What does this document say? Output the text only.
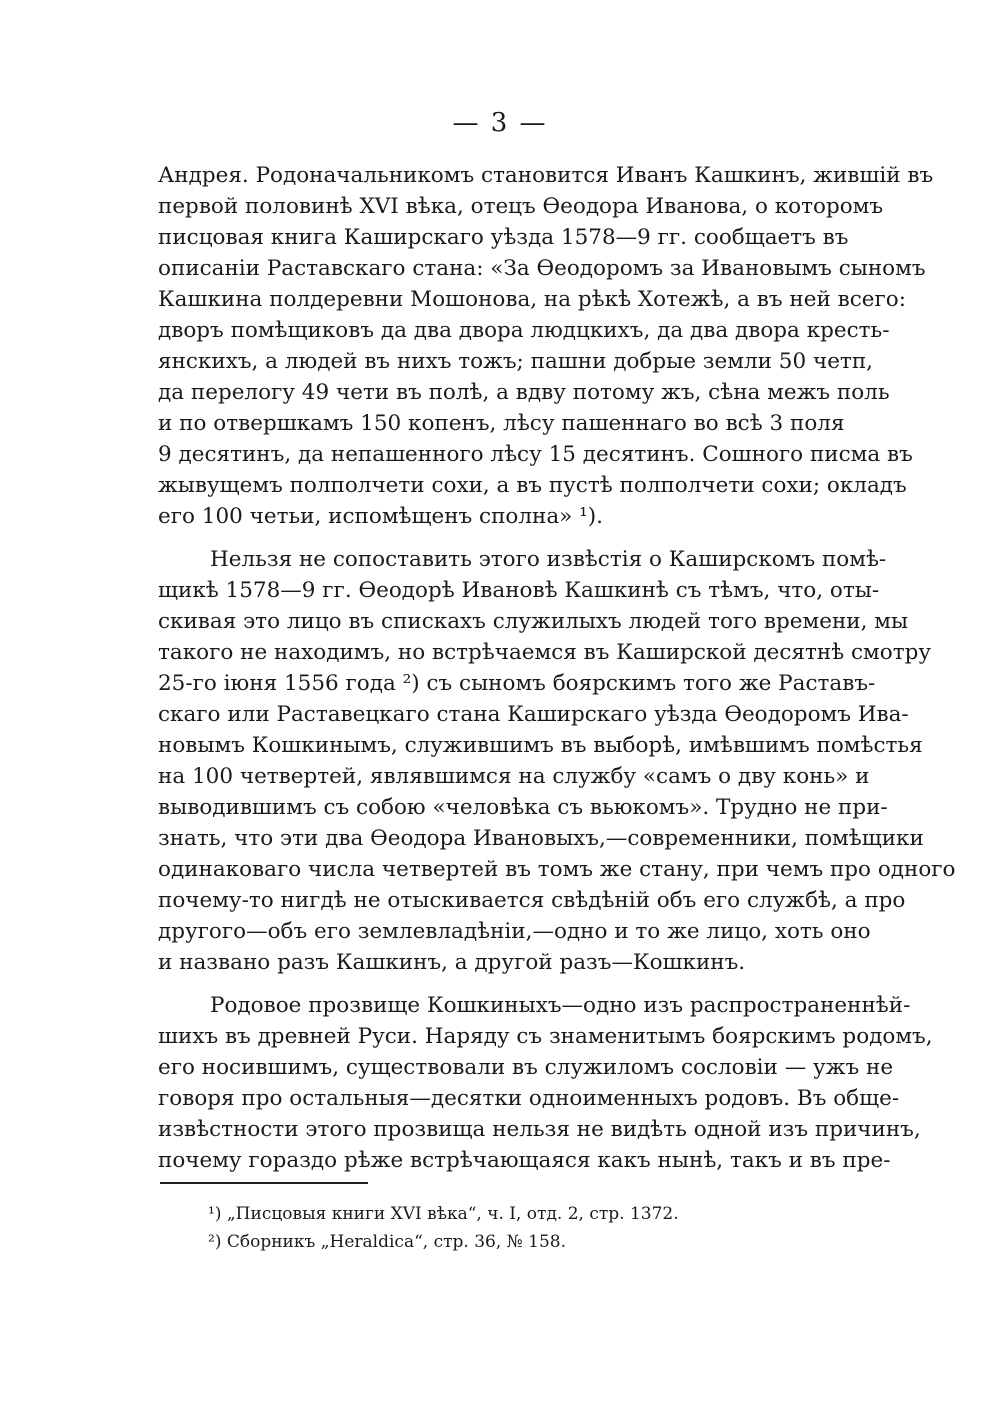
— 3 —
Андрея. Родоначальникомъ становится Иванъ Кашкинъ, жившiй въ
первой половинѣ XVI вѣка, отецъ Ѳеодора Иванова, о которомъ
писцовая книга Каширскаго уѣзда 1578—9 гг. сообщаетъ въ
описанiи Раставскаго стана: «За Ѳеодоромъ за Ивановымъ сыномъ
Кашкина полдеревни Мошонова, на рѣкѣ Хотежѣ, а въ ней всего:
дворъ помѣщиковъ да два двора людцкихъ, да два двора кресть-
янскихъ, а людей въ нихъ тожъ; пашни добрые земли 50 четп,
да перелогу 49 чети въ полѣ, а вдву потому жъ, сѣна межъ поль
и по отвершкамъ 150 копенъ, лѣсу пашеннаго во всѣ 3 поля
9 десятинъ, да непашенного лѣсу 15 десятинъ. Сошного писма въ
жывущемъ полполчети сохи, а въ пустѣ полполчети сохи; окладъ
его 100 четьи, испомѣщенъ сполна» ¹).
Нельзя не сопоставить этого извѣстiя о Каширскомъ помѣ-
щикѣ 1578—9 гг. Ѳеодорѣ Ивановѣ Кашкинѣ съ тѣмъ, что, оты-
скивая это лицо въ спискахъ служилыхъ людей того времени, мы
такого не находимъ, но встрѣчаемся въ Каширской десятнѣ смотру
25-го iюня 1556 года ²) съ сыномъ боярскимъ того же Раставъ-
скаго или Раставецкаго стана Каширскаго уѣзда Ѳеодоромъ Ива-
новымъ Кошкинымъ, служившимъ въ выборѣ, имѣвшимъ помѣстья
на 100 четвертей, являвшимся на службу «самъ о дву конь» и
выводившимъ съ собою «человѣка съ вьюкомъ». Трудно не при-
знать, что эти два Ѳеодора Ивановыхъ,—современники, помѣщики
одинаковаго числа четвертей въ томъ же стану, при чемъ про одного
почему-то нигдѣ не отыскивается свѣдѣнiй объ его службѣ, а про
другого—объ его землевладѣнiи,—одно и то же лицо, хоть оно
и названо разъ Кашкинъ, а другой разъ—Кошкинъ.
Родовое прозвище Кошкиныхъ—одно изъ распространеннѣй-
шихъ въ древней Руси. Наряду съ знаменитымъ боярскимъ родомъ,
его носившимъ, существовали въ служиломъ сословiи — ужъ не
говоря про остальныя—десятки одноименныхъ родовъ. Въ обще-
извѣстности этого прозвища нельзя не видѣть одной изъ причинъ,
почему гораздо рѣже встрѣчающаяся какъ нынѣ, такъ и въ пре-
¹) „Писцовыя книги XVI вѣка“, ч. I, отд. 2, стр. 1372.
²) Сборникъ „Heraldica“, стр. 36, № 158.
